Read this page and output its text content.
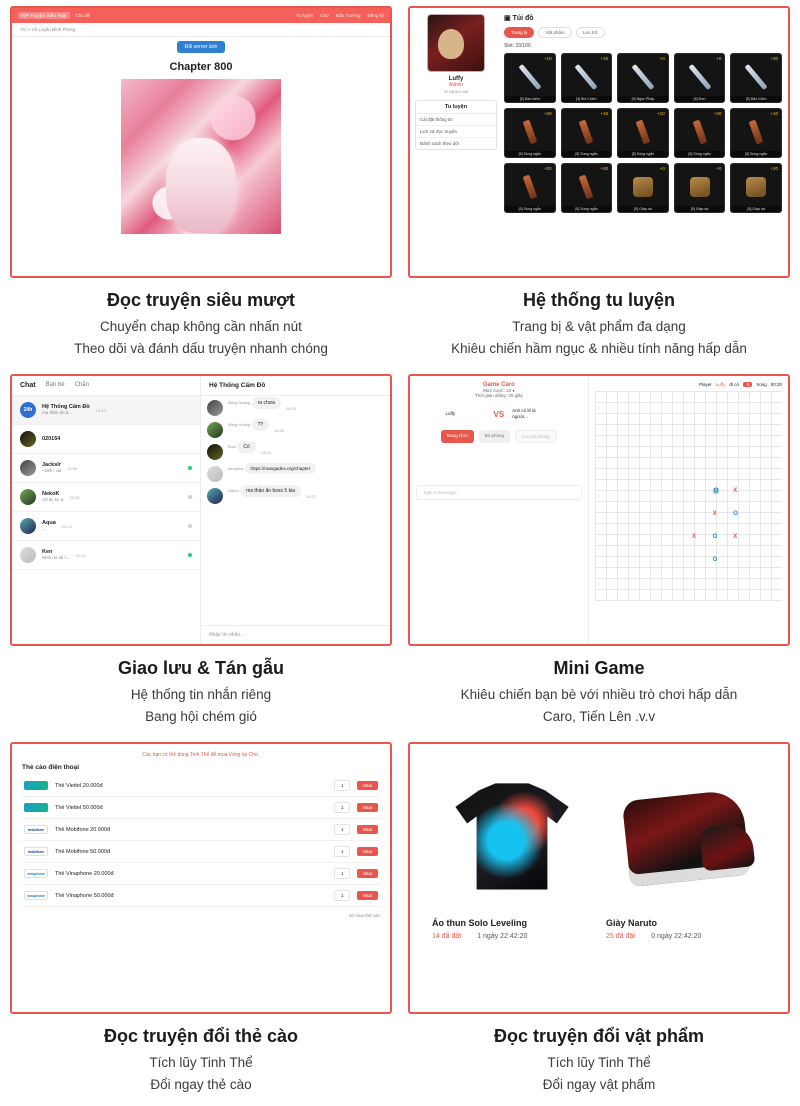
VIP Truyện Siêu Hay	Chủ đề	Tu luyện Chợ Đấu Trường Đăng ký
Trú > Võ Luyện Đỉnh Phong
Đổi server ảnh
Chapter 800
Đọc truyện siêu mượt

Chuyển chap không cần nhấn nút

Theo dõi và đánh dấu truyện nhanh chóng

Luffy
Admin
42.5B tinh thể
Tu luyện
Cài đặt thông tin
Lịch sử đọc truyện
Đánh sách theo dõi
▣ Túi đồ
Trang bị	Vật phẩm	Lưu trữ
Slot: 33/100
+10
[5] Đao kiếm
+10
[4] Bùi Chiến
+0
[5] Ngọc Pháp
+0
[6] Đơn
+20
[5] Bảo Kiếm
+20
[5] Súng ngắn
+10
[5] Súng ngắn
+10
[5] Súng ngắn
+20
[5] Súng ngắn
+10
[5] Súng ngắn
+20
[5] Súng ngắn
+50
[5] Súng ngắn
+0
[5] Giáp da
+0
[5] Giáp da
+20
[5] Giáp da
Hệ thống tu luyện

Trang bị & vật phẩm đa dạng

Khiêu chiến hầm ngục & nhiều tính năng hấp dẫn

Chat Bạn bè Chặn
24h	Hệ Thống Cấm Đồ
ma thần ẩn b...	14:22
020154
Jackslr
~19h r ad 13:09
NekoK
Ad dc ko a 23:19
Aqua
...	22:23
Ken
Web nó tải l... 22:13
Hệ Thống Cấm Đồ
Bâng Hoàng ra chưa
14:20
Bâng Hoàng ??
14:20
Buồi Có
14:20
shuydira https://mangadex.org/chapter
Ultron ma thần ẩn boss 5 kia
14:21
Nhập tin nhắn...
Giao lưu & Tán gẫu

Hệ thống tin nhắn riêng

Bang hội chém gió

Game Caro
Mức cược: 10 ♦
Thời gian delay: 20 giây
Luffy	VS Anh có lẽ là người...
Đang chơi	Bỏ phòng	Lưu lại phòng
Type a message...
Player Luffy đi cờ	X	trong 00:20
O X
X	O
X	O	X
O
Mini Game

Khiêu chiến bạn bè với nhiều trò chơi hấp dẫn

Caro, Tiến Lên .v.v

Các bạn có thể dùng Tinh Thể để mua Vòng tại Chợ.
Thẻ cào điện thoại
Thẻ Viettel 20.000đ	1	Mua
Thẻ Viettel 50.000đ	1	Mua
mobifone	Thẻ Mobifone 20.000đ	1	Mua
mobifone	Thẻ Mobifone 50.000đ	1	Mua
vinaphone	Thẻ Vinaphone 20.000đ	1	Mua
vinaphone	Thẻ Vinaphone 50.000đ	1	Mua
sử mua thẻ cào
Đọc truyện đổi thẻ cào

Tích lũy Tinh Thể

Đổi ngay thẻ cào

Áo thun Solo Leveling
14 đã đặt 1 ngày 22:42:20
Giày Naruto
25 đã đặt 0 ngày 22:42:20
Đọc truyện đổi vật phẩm

Tích lũy Tinh Thể

Đổi ngay vật phẩm
